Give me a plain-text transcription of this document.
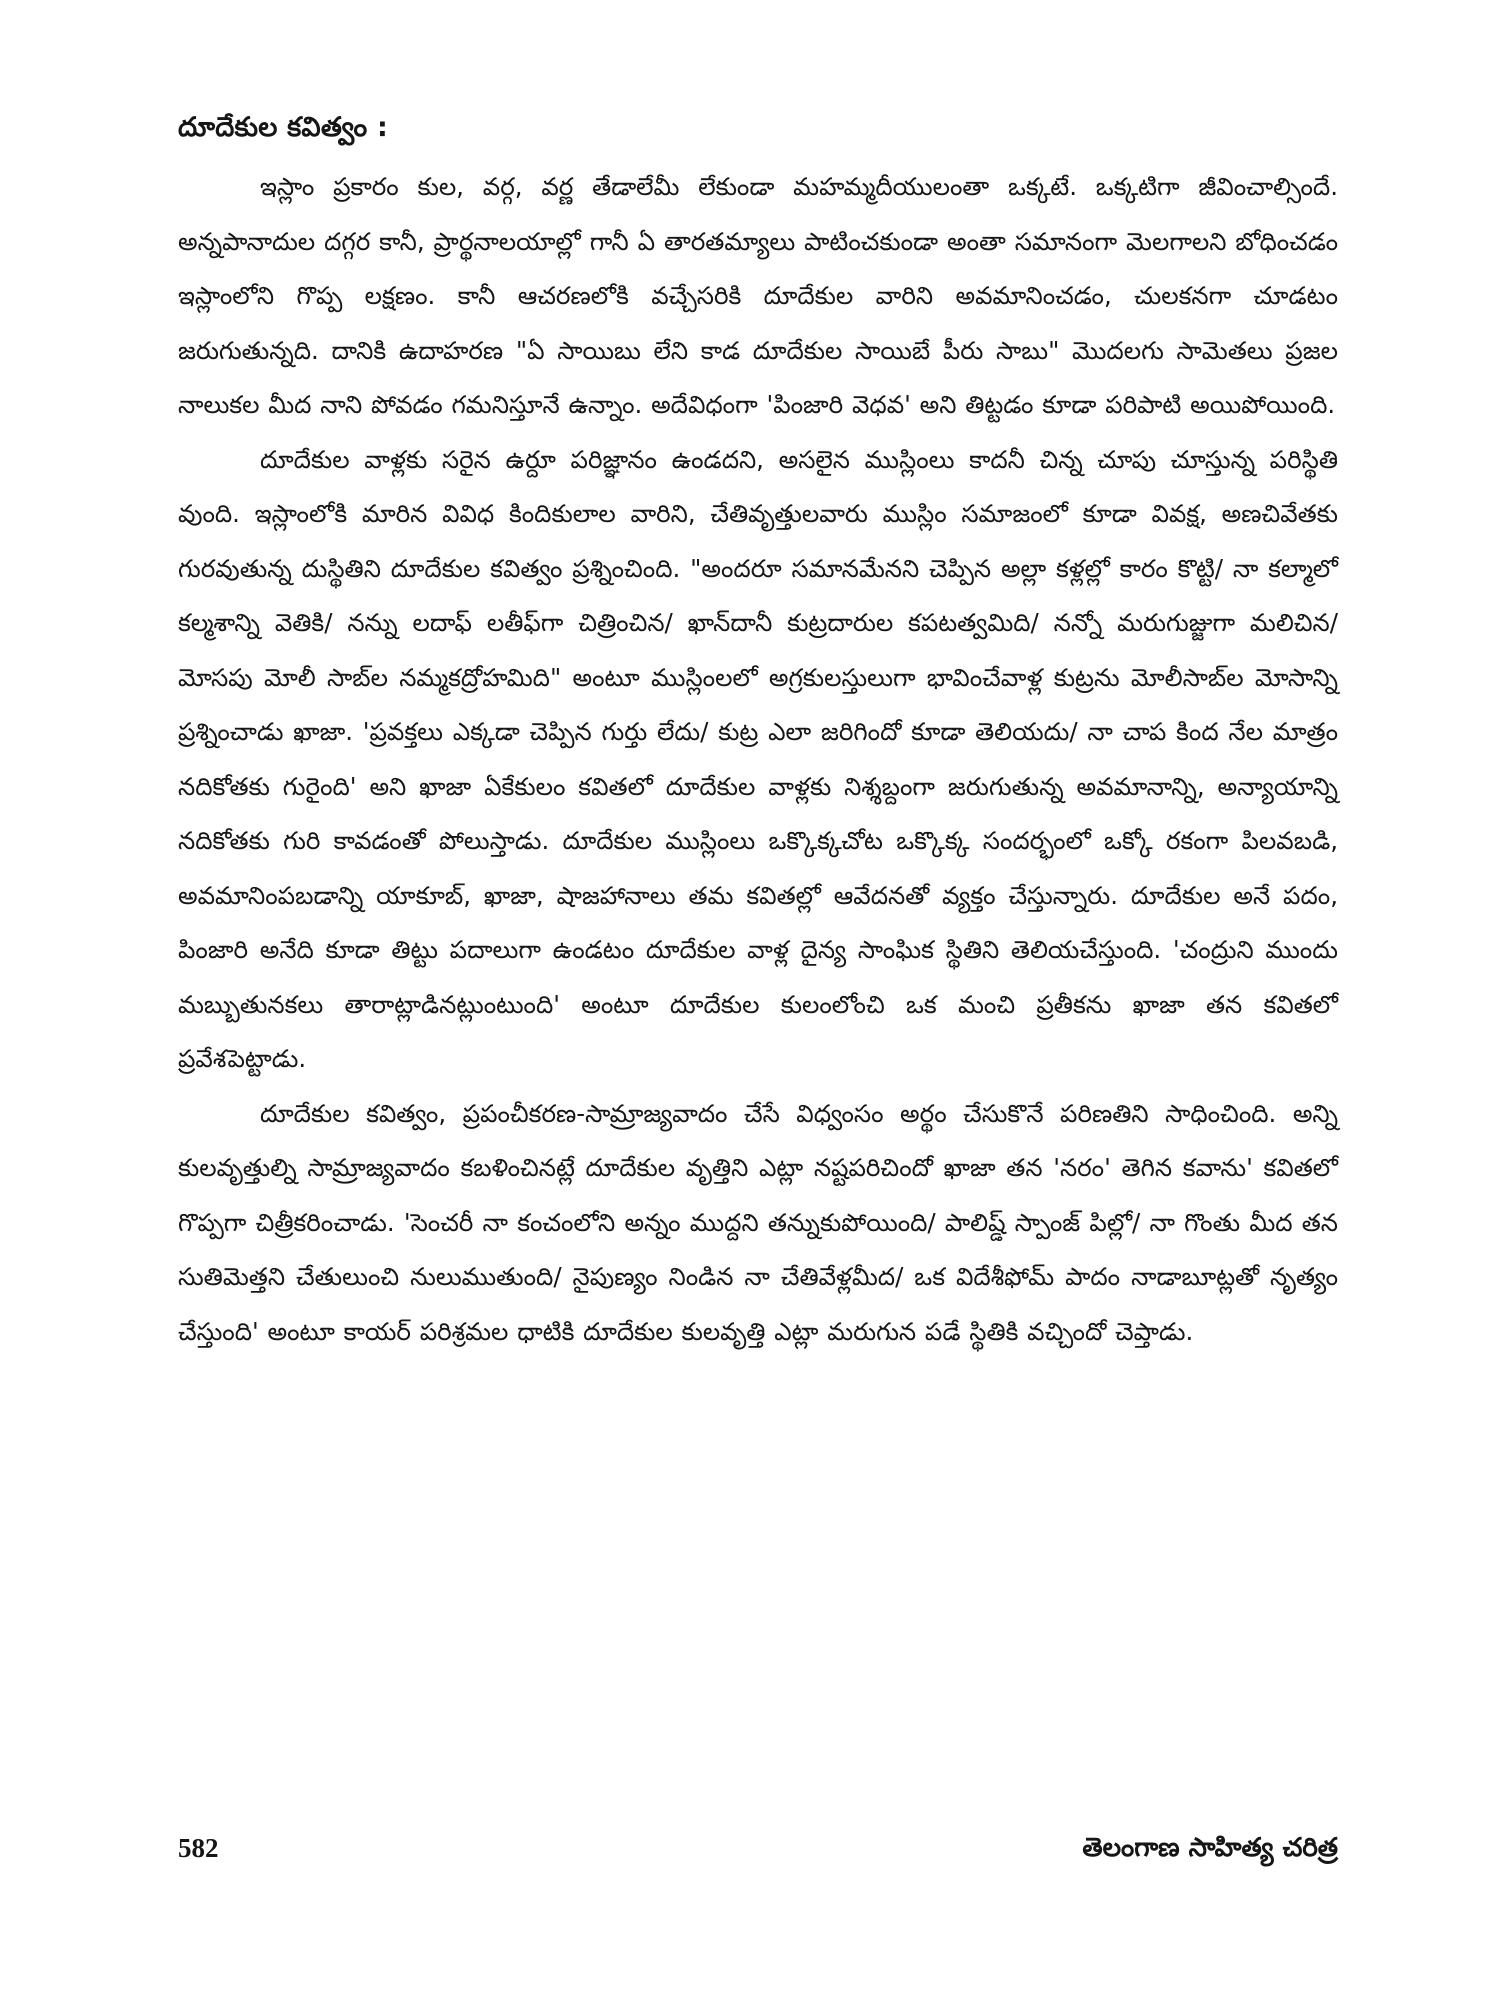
దూదేకుల కవిత్వం :

ఇస్లాం ప్రకారం కుల, వర్గ, వర్ణ తేడాలేమీ లేకుండా మహమ్మదీయులంతా ఒక్కటే. ఒక్కటిగా జీవించాల్సిందే. అన్నపానాదుల దగ్గర కానీ, ప్రార్థనాలయాల్లో గానీ ఏ తారతమ్యాలు పాటించకుండా అంతా సమానంగా మెలగాలని బోధించడం ఇస్లాంలోని గొప్ప లక్షణం. కానీ ఆచరణలోకి వచ్చేసరికి దూదేకుల వారిని అవమానించడం, చులకనగా చూడటం జరుగుతున్నది. దానికి ఉదాహరణ "ఏ సాయిబు లేని కాడ దూదేకుల సాయిబే పీరు సాబు" మొదలగు సామెతలు ప్రజల నాలుకల మీద నాని పోవడం గమనిస్తూనే ఉన్నాం. అదేవిధంగా 'పింజారి వెధవ' అని తిట్టడం కూడా పరిపాటి అయిపోయింది.

దూదేకుల వాళ్లకు సరైన ఉర్దూ పరిజ్ఞానం ఉండదని, అసలైన ముస్లింలు కాదనీ చిన్న చూపు చూస్తున్న పరిస్థితి వుంది. ఇస్లాంలోకి మారిన వివిధ కిందికులాల వారిని, చేతివృత్తులవారు ముస్లిం సమాజంలో కూడా వివక్ష, అణచివేతకు గురవుతున్న దుస్థితిని దూదేకుల కవిత్వం ప్రశ్నించింది. "అందరూ సమానమేనని చెప్పిన అల్లా కళ్లల్లో కారం కొట్టి/ నా కల్మాలో కల్మశాన్ని వెతికి/ నన్ను లదాఫ్ లతీఫ్‌గా చిత్రించిన/ ఖాన్‌దానీ కుట్రదారుల కపటత్వమిది/ నన్నో మరుగుజ్జుగా మలిచిన/ మోసపు మోలీ సాబ్‌ల నమ్మకద్రోహమిది" అంటూ ముస్లింలలో అగ్రకులస్తులుగా భావించేవాళ్ల కుట్రను మోలీసాబ్‌ల మోసాన్ని ప్రశ్నించాడు ఖాజా. 'ప్రవక్తలు ఎక్కడా చెప్పిన గుర్తు లేదు/ కుట్ర ఎలా జరిగిందో కూడా తెలియదు/ నా చాప కింద నేల మాత్రం నదికోతకు గురైంది' అని ఖాజా ఏకేకులం కవితలో దూదేకుల వాళ్లకు నిశ్శబ్దంగా జరుగుతున్న అవమానాన్ని, అన్యాయాన్ని నదికోతకు గురి కావడంతో పోలుస్తాడు. దూదేకుల ముస్లింలు ఒక్కొక్కచోట ఒక్కొక్క సందర్భంలో ఒక్కో రకంగా పిలవబడి, అవమానింపబడాన్ని యాకూబ్, ఖాజా, షాజహానాలు తమ కవితల్లో ఆవేదనతో వ్యక్తం చేస్తున్నారు. దూదేకుల అనే పదం, పింజారి అనేది కూడా తిట్టు పదాలుగా ఉండటం దూదేకుల వాళ్ల దైన్య సాంఘిక స్థితిని తెలియచేస్తుంది. 'చంద్రుని ముందు మబ్బుతునకలు తారాట్లాడినట్లుంటుంది' అంటూ దూదేకుల కులంలోంచి ఒక మంచి ప్రతీకను ఖాజా తన కవితలో ప్రవేశపెట్టాడు.

దూదేకుల కవిత్వం, ప్రపంచీకరణ-సామ్రాజ్యవాదం చేసే విధ్వంసం అర్థం చేసుకొనే పరిణతిని సాధించింది. అన్ని కులవృత్తుల్ని సామ్రాజ్యవాదం కబళించినట్లే దూదేకుల వృత్తిని ఎట్లా నష్టపరిచిందో ఖాజా తన 'నరం' తెగిన కవాను' కవితలో గొప్పగా చిత్రీకరించాడు. 'సెంచరీ నా కంచంలోని అన్నం ముద్దని తన్నుకుపోయింది/ పాలిష్డ్ స్పాంజ్ పిల్లో/ నా గొంతు మీద తన సుతిమెత్తని చేతులుంచి నులుముతుంది/ నైపుణ్యం నిండిన నా చేతివేళ్లమీద/ ఒక విదేశీఫోమ్ పాదం నాడాబూట్లతో నృత్యం చేస్తుంది' అంటూ కాయర్ పరిశ్రమల ధాటికి దూదేకుల కులవృత్తి ఎట్లా మరుగున పడే స్థితికి వచ్చిందో చెప్తాడు.

582	తెలంగాణ సాహిత్య చరిత్ర
